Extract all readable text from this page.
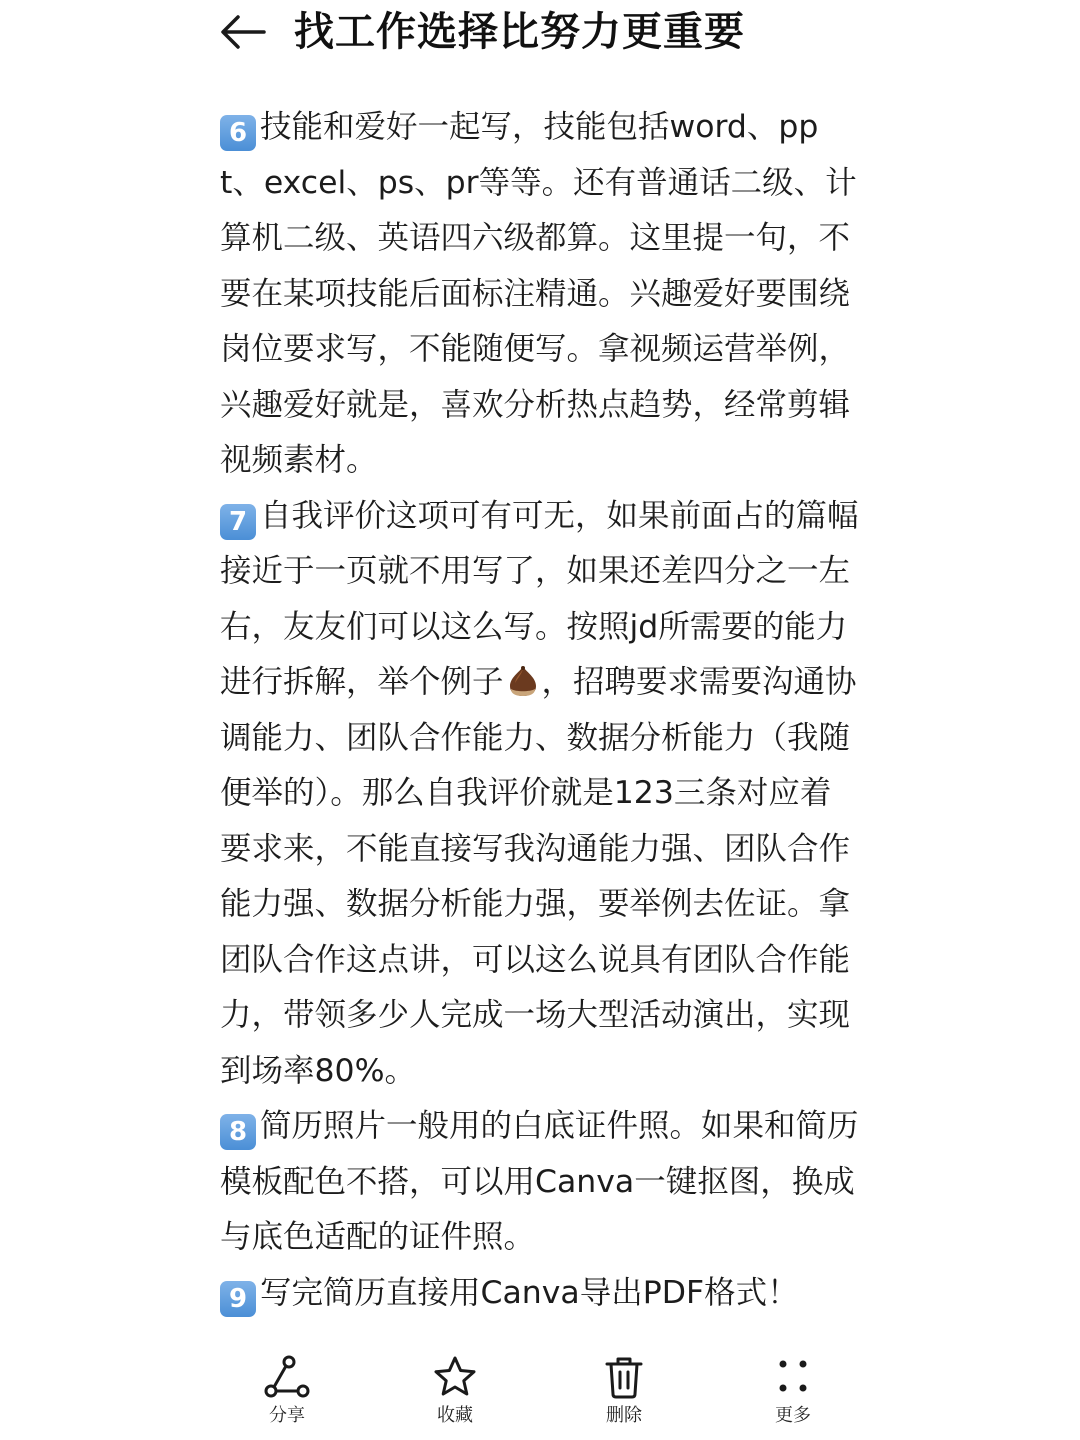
找工作选择比努力更重要

6 技能和爱好一起写，技能包括word、ppt、excel、ps、pr等等。还有普通话二级、计算机二级、英语四六级都算。这里提一句，不要在某项技能后面标注精通。兴趣爱好要围绕岗位要求写，不能随便写。拿视频运营举例，兴趣爱好就是，喜欢分析热点趋势，经常剪辑视频素材。

7 自我评价这项可有可无，如果前面占的篇幅接近于一页就不用写了，如果还差四分之一左右，友友们可以这么写。按照jd所需要的能力进行拆解，举个例子 ，招聘要求需要沟通协调能力、团队合作能力、数据分析能力（我随便举的）。那么自我评价就是123三条对应着要求来，不能直接写我沟通能力强、团队合作能力强、数据分析能力强，要举例去佐证。拿团队合作这点讲，可以这么说具有团队合作能力，带领多少人完成一场大型活动演出，实现到场率80%。

8 简历照片一般用的白底证件照。如果和简历模板配色不搭，可以用Canva一键抠图，换成与底色适配的证件照。

9 写完简历直接用Canva导出PDF格式！

分享	收藏	删除	更多
